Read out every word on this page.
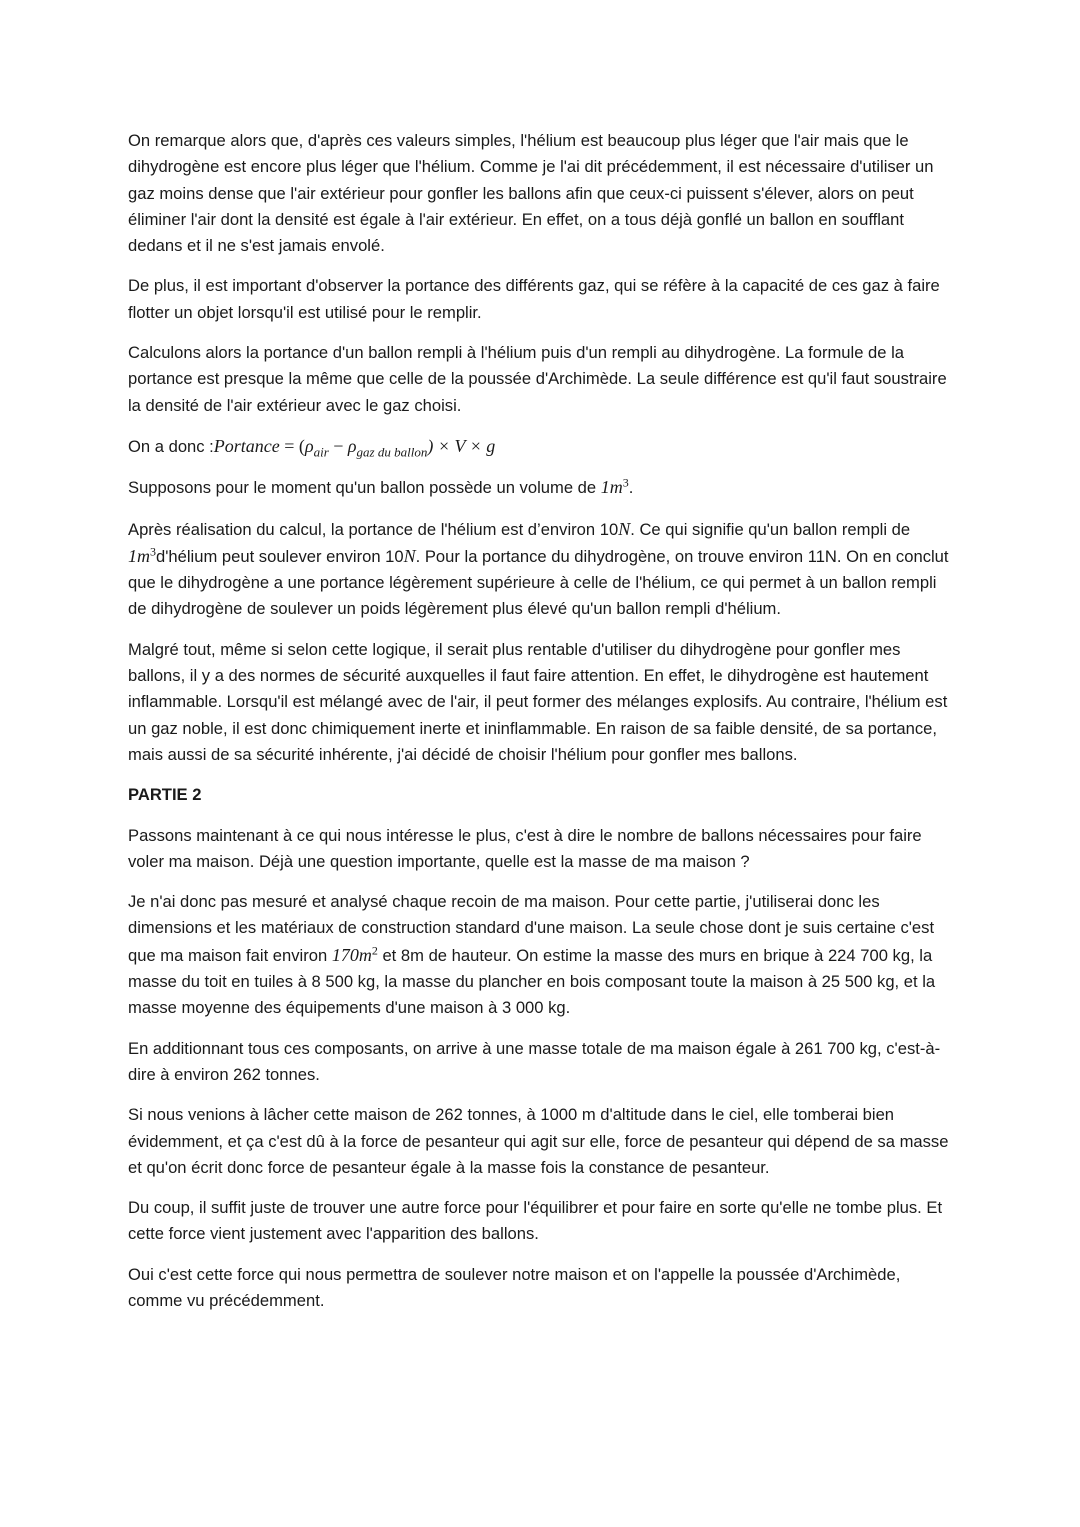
On remarque alors que, d'après ces valeurs simples, l'hélium est beaucoup plus léger que l'air mais que le dihydrogène est encore plus léger que l'hélium. Comme je l'ai dit précédemment, il est nécessaire d'utiliser un gaz moins dense que l'air extérieur pour gonfler les ballons afin que ceux-ci puissent s'élever, alors on peut éliminer l'air dont la densité est égale à l'air extérieur. En effet, on a tous déjà gonflé un ballon en soufflant dedans et il ne s'est jamais envolé.

De plus, il est important d'observer la portance des différents gaz, qui se réfère à la capacité de ces gaz à faire flotter un objet lorsqu'il est utilisé pour le remplir.

Calculons alors la portance d'un ballon rempli à l'hélium puis d'un rempli au dihydrogène. La formule de la portance est presque la même que celle de la poussée d'Archimède. La seule différence est qu'il faut soustraire la densité de l'air extérieur avec le gaz choisi.

On a donc :Portance = $(\rho_{air} - \rho_{gaz du ballon}) \times V \times g$

Supposons pour le moment qu'un ballon possède un volume de $1m^3$.

Après réalisation du calcul, la portance de l'hélium est d’environ 10N. Ce qui signifie qu'un ballon rempli de $1m^3d'hélium$ peut soulever environ 10N. Pour la portance du dihydrogène, on trouve environ 11N. On en conclut que le dihydrogène a une portance légèrement supérieure à celle de l'hélium, ce qui permet à un ballon rempli de dihydrogène de soulever un poids légèrement plus élevé qu'un ballon rempli d'hélium.

Malgré tout, même si selon cette logique, il serait plus rentable d'utiliser du dihydrogène pour gonfler mes ballons, il y a des normes de sécurité auxquelles il faut faire attention. En effet, le dihydrogène est hautement inflammable. Lorsqu'il est mélangé avec de l'air, il peut former des mélanges explosifs. Au contraire, l'hélium est un gaz noble, il est donc chimiquement inerte et ininflammable. En raison de sa faible densité, de sa portance, mais aussi de sa sécurité inhérente, j'ai décidé de choisir l'hélium pour gonfler mes ballons.

PARTIE 2

Passons maintenant à ce qui nous intéresse le plus, c'est à dire le nombre de ballons nécessaires pour faire voler ma maison. Déjà une question importante, quelle est la masse de ma maison ?

Je n'ai donc pas mesuré et analysé chaque recoin de ma maison. Pour cette partie, j'utiliserai donc les dimensions et les matériaux de construction standard d'une maison. La seule chose dont je suis certaine c'est que ma maison fait environ $170m^2$ et 8m de hauteur. On estime la masse des murs en brique à 224 700 kg, la masse du toit en tuiles à 8 500 kg, la masse du plancher en bois composant toute la maison à 25 500 kg, et la masse moyenne des équipements d'une maison à 3 000 kg.

En additionnant tous ces composants, on arrive à une masse totale de ma maison égale à 261 700 kg, c'est-à-dire à environ 262 tonnes.

Si nous venions à lâcher cette maison de 262 tonnes, à 1000 m d'altitude dans le ciel, elle tomberai bien évidemment, et ça c'est dû à la force de pesanteur qui agit sur elle, force de pesanteur qui dépend de sa masse et qu'on écrit donc force de pesanteur égale à la masse fois la constance de pesanteur.

Du coup, il suffit juste de trouver une autre force pour l'équilibrer et pour faire en sorte qu'elle ne tombe plus. Et cette force vient justement avec l'apparition des ballons.

Oui c'est cette force qui nous permettra de soulever notre maison et on l'appelle la poussée d'Archimède, comme vu précédemment.
